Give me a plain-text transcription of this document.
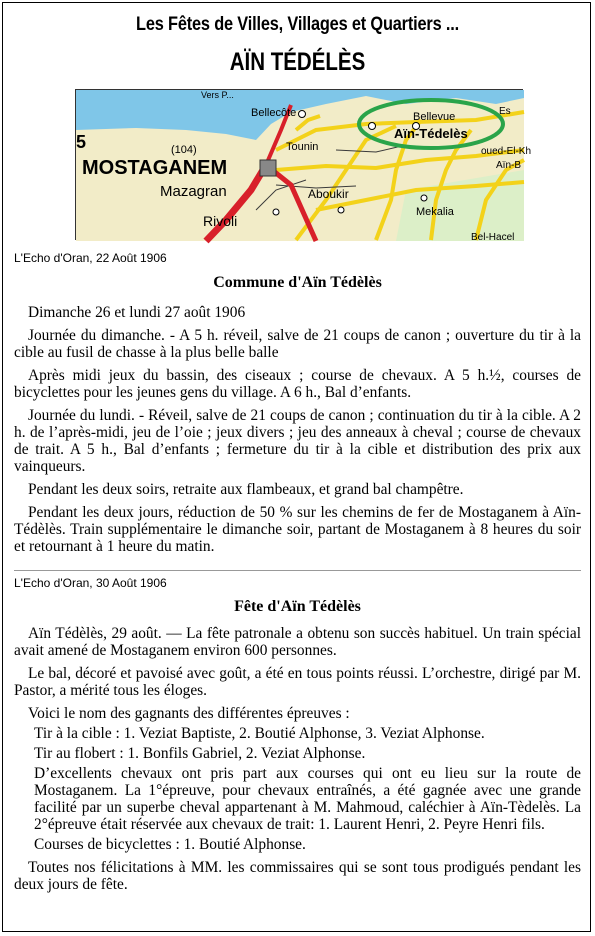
Les Fêtes de Villes, Villages et Quartiers ...
AÏN TÉDÉLÈS
5	(104)
MOSTAGANEM
Mazagran
Rivoli
Aboukir
Bellecôte
Tounin
Bellevue
Aïn-Tédelès
Mekalia
Es
oued-El-Kh
Aïn-B
Bel-Hacel
Vers P...
L'Echo d'Oran, 22 Août 1906
Commune d'Aïn Tédèlès

Dimanche 26 et lundi 27 août 1906

Journée du dimanche. - A 5 h. réveil, salve de 21 coups de canon ; ouverture du tir à la cible au fusil de chasse à la plus belle balle

Après midi jeux du bassin, des ciseaux ; course de chevaux. A 5 h.½, courses de bicyclettes pour les jeunes gens du village. A 6 h., Bal d’enfants.

Journée du lundi. - Réveil, salve de 21 coups de canon ; continuation du tir à la cible. A 2 h. de l’après-midi, jeu de l’oie ; jeux divers ; jeu des anneaux à cheval ; course de chevaux de trait. A 5 h., Bal d’enfants ; fermeture du tir à la cible et distribution des prix aux vainqueurs.

Pendant les deux soirs, retraite aux flambeaux, et grand bal champêtre.

Pendant les deux jours, réduction de 50 % sur les chemins de fer de Mostaganem à Aïn-Tédèlès. Train supplémentaire le dimanche soir, partant de Mostaganem à 8 heures du soir et retournant à 1 heure du matin.

L'Echo d'Oran, 30 Août 1906
Fête d'Aïn Tédèlès

Aïn Tédèlès, 29 août. — La fête patronale a obtenu son succès habituel. Un train spécial avait amené de Mostaganem environ 600 personnes.

Le bal, décoré et pavoisé avec goût, a été en tous points réussi. L’orchestre, dirigé par M. Pastor, a mérité tous les éloges.

Voici le nom des gagnants des différentes épreuves :

Tir à la cible : 1. Veziat Baptiste, 2. Boutié Alphonse, 3. Veziat Alphonse.

Tir au flobert : 1. Bonfils Gabriel, 2. Veziat Alphonse.

D’excellents chevaux ont pris part aux courses qui ont eu lieu sur la route de Mostaganem. La 1°épreuve, pour chevaux entraînés, a été gagnée avec une grande facilité par un superbe cheval appartenant à M. Mahmoud, caléchier à Aïn-Tèdelès. La 2°épreuve était réservée aux chevaux de trait: 1. Laurent Henri, 2. Peyre Henri fils.

Courses de bicyclettes : 1. Boutié Alphonse.

Toutes nos félicitations à MM. les commissaires qui se sont tous prodigués pendant les deux jours de fête.
